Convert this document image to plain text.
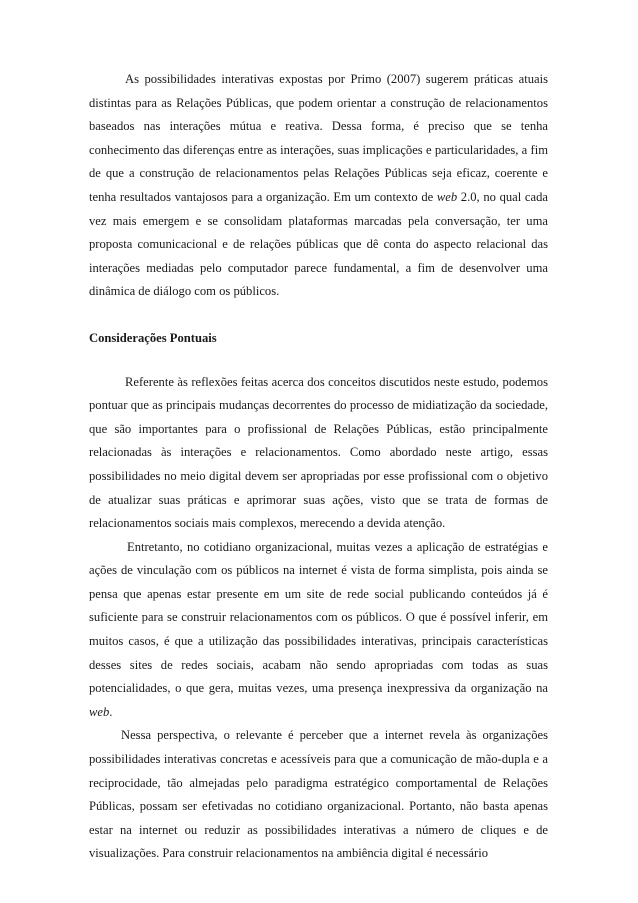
As possibilidades interativas expostas por Primo (2007) sugerem práticas atuais distintas para as Relações Públicas, que podem orientar a construção de relacionamentos baseados nas interações mútua e reativa. Dessa forma, é preciso que se tenha conhecimento das diferenças entre as interações, suas implicações e particularidades, a fim de que a construção de relacionamentos pelas Relações Públicas seja eficaz, coerente e tenha resultados vantajosos para a organização. Em um contexto de web 2.0, no qual cada vez mais emergem e se consolidam plataformas marcadas pela conversação, ter uma proposta comunicacional e de relações públicas que dê conta do aspecto relacional das interações mediadas pelo computador parece fundamental, a fim de desenvolver uma dinâmica de diálogo com os públicos.

Considerações Pontuais

Referente às reflexões feitas acerca dos conceitos discutidos neste estudo, podemos pontuar que as principais mudanças decorrentes do processo de midiatização da sociedade, que são importantes para o profissional de Relações Públicas, estão principalmente relacionadas às interações e relacionamentos. Como abordado neste artigo, essas possibilidades no meio digital devem ser apropriadas por esse profissional com o objetivo de atualizar suas práticas e aprimorar suas ações, visto que se trata de formas de relacionamentos sociais mais complexos, merecendo a devida atenção.

Entretanto, no cotidiano organizacional, muitas vezes a aplicação de estratégias e ações de vinculação com os públicos na internet é vista de forma simplista, pois ainda se pensa que apenas estar presente em um site de rede social publicando conteúdos já é suficiente para se construir relacionamentos com os públicos. O que é possível inferir, em muitos casos, é que a utilização das possibilidades interativas, principais características desses sites de redes sociais, acabam não sendo apropriadas com todas as suas potencialidades, o que gera, muitas vezes, uma presença inexpressiva da organização na web.

Nessa perspectiva, o relevante é perceber que a internet revela às organizações possibilidades interativas concretas e acessíveis para que a comunicação de mão-dupla e a reciprocidade, tão almejadas pelo paradigma estratégico comportamental de Relações Públicas, possam ser efetivadas no cotidiano organizacional. Portanto, não basta apenas estar na internet ou reduzir as possibilidades interativas a número de cliques e de visualizações. Para construir relacionamentos na ambiência digital é necessário
